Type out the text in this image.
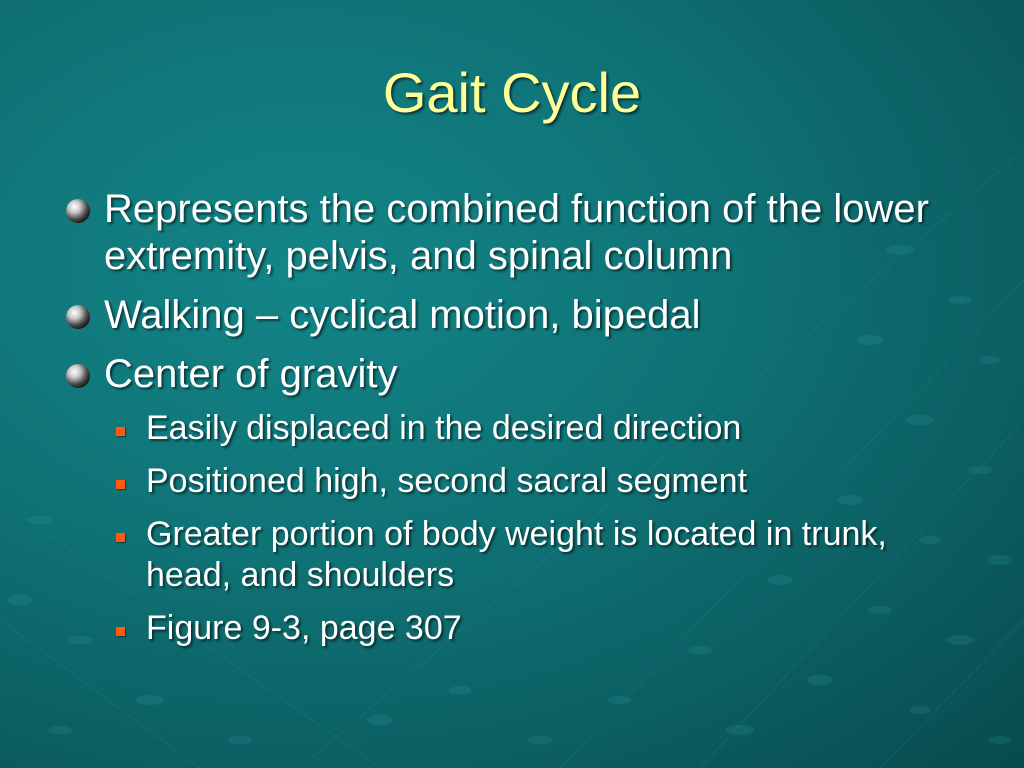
Gait Cycle
Represents the combined function of the lower extremity, pelvis, and spinal column
Walking – cyclical motion, bipedal
Center of gravity
Easily displaced in the desired direction
Positioned high, second sacral segment
Greater portion of body weight is located in trunk, head, and shoulders
Figure 9-3, page 307
